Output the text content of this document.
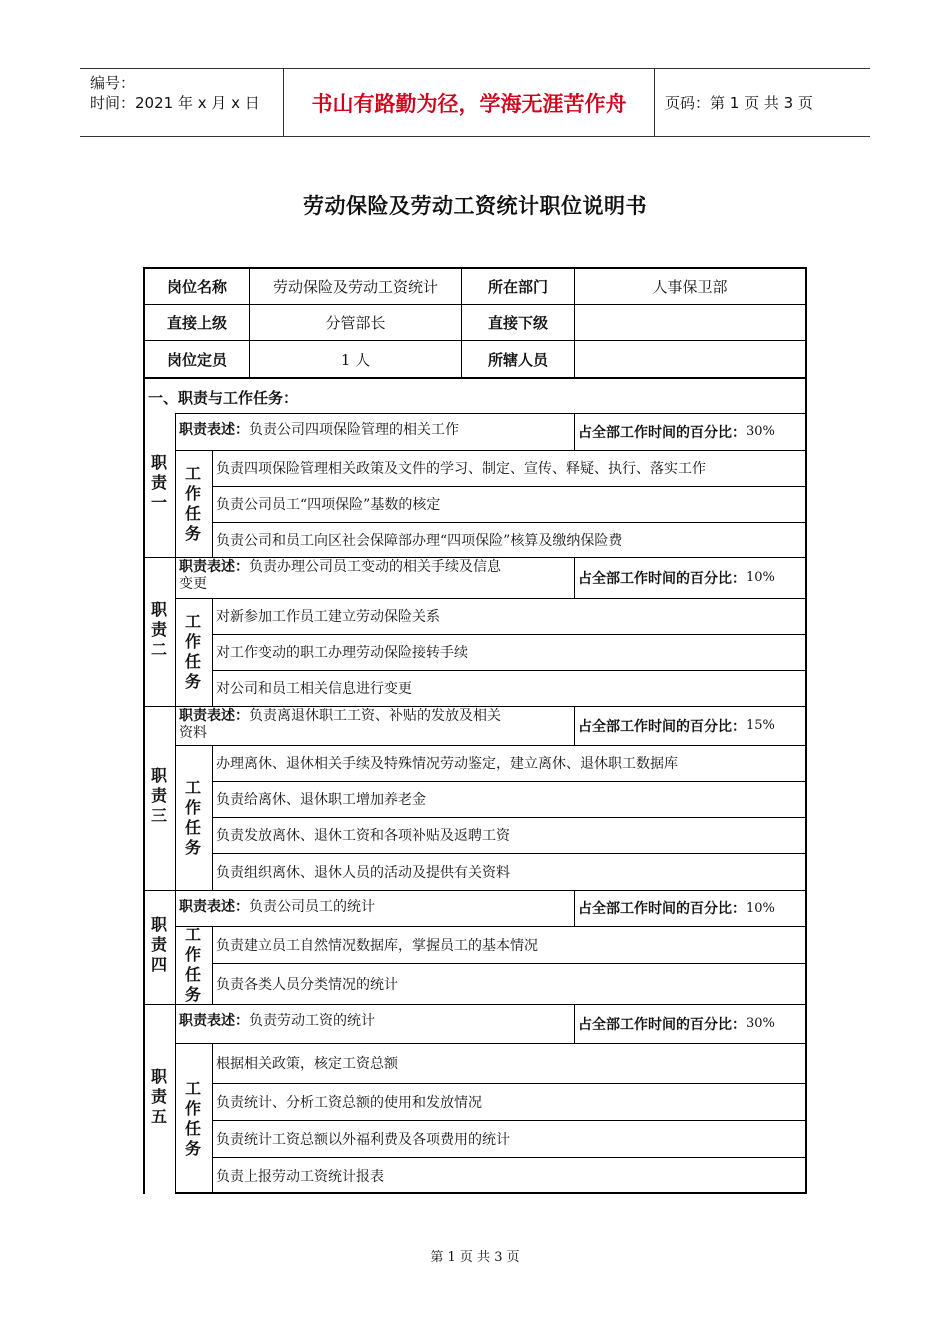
编号：
时间：2021 年 x 月 x 日	书山有路勤为径，学海无涯苦作舟	页码：第 1 页 共 3 页
劳动保险及劳动工资统计职位说明书
岗位名称	劳动保险及劳动工资统计	所在部门	人事保卫部
直接上级	分管部长	直接下级
岗位定员	1 人	所辖人员
一、职责与工作任务：
职
责
一
职责表述：负责公司四项保险管理的相关工作	占全部工作时间的百分比： 30%
工
作
任
务
负责四项保险管理相关政策及文件的学习、制定、宣传、释疑、执行、落实工作
负责公司员工“四项保险”基数的核定
负责公司和员工向区社会保障部办理“四项保险”核算及缴纳保险费
职
责
二
职责表述：负责办理公司员工变动的相关手续及信息
变更	占全部工作时间的百分比： 10%
工
作
任
务
对新参加工作员工建立劳动保险关系
对工作变动的职工办理劳动保险接转手续
对公司和员工相关信息进行变更
职
责
三
职责表述：负责离退休职工工资、补贴的发放及相关
资料	占全部工作时间的百分比： 15%
工
作
任
务
办理离休、退休相关手续及特殊情况劳动鉴定，建立离休、退休职工数据库
负责给离休、退休职工增加养老金
负责发放离休、退休工资和各项补贴及返聘工资
负责组织离休、退休人员的活动及提供有关资料
职
责
四
职责表述：负责公司员工的统计	占全部工作时间的百分比： 10%
工
作
任
务
负责建立员工自然情况数据库，掌握员工的基本情况
负责各类人员分类情况的统计
职
责
五
职责表述：负责劳动工资的统计	占全部工作时间的百分比： 30%
工
作
任
务
根据相关政策，核定工资总额
负责统计、分析工资总额的使用和发放情况
负责统计工资总额以外福利费及各项费用的统计
负责上报劳动工资统计报表
第 1 页 共 3 页
